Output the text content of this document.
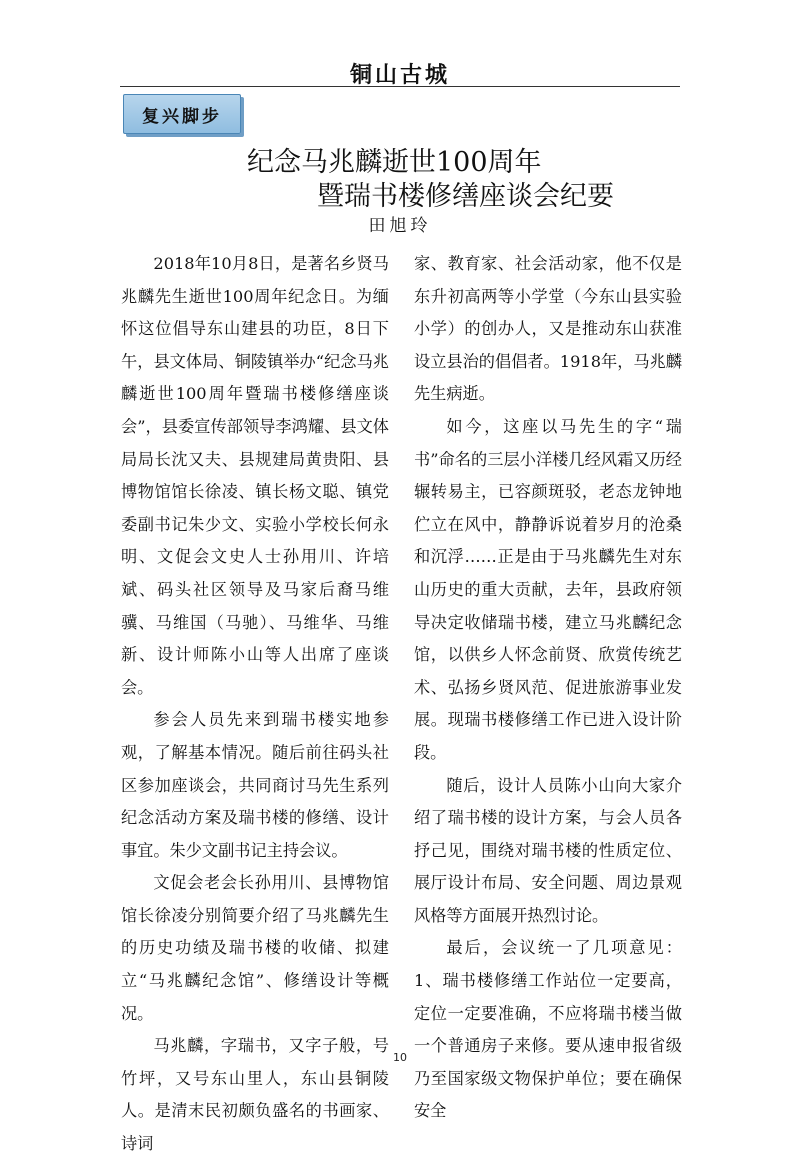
铜山古城
复兴脚步
纪念马兆麟逝世100周年
暨瑞书楼修缮座谈会纪要
田旭玲

2018年10月8日，是著名乡贤马兆麟先生逝世100周年纪念日。为缅怀这位倡导东山建县的功臣，8日下午，县文体局、铜陵镇举办“纪念马兆麟逝世100周年暨瑞书楼修缮座谈会”，县委宣传部领导李鸿耀、县文体局局长沈又夫、县规建局黄贵阳、县博物馆馆长徐凌、镇长杨文聪、镇党委副书记朱少文、实验小学校长何永明、文促会文史人士孙用川、许培斌、码头社区领导及马家后裔马维骥、马维国（马驰）、马维华、马维新、设计师陈小山等人出席了座谈会。

参会人员先来到瑞书楼实地参观，了解基本情况。随后前往码头社区参加座谈会，共同商讨马先生系列纪念活动方案及瑞书楼的修缮、设计事宜。朱少文副书记主持会议。

文促会老会长孙用川、县博物馆馆长徐凌分别简要介绍了马兆麟先生的历史功绩及瑞书楼的收储、拟建立“马兆麟纪念馆”、修缮设计等概况。

马兆麟，字瑞书，又字子般，号竹坪，又号东山里人，东山县铜陵人。是清末民初颇负盛名的书画家、诗词

家、教育家、社会活动家，他不仅是东升初高两等小学堂（今东山县实验小学）的创办人，又是推动东山获准设立县治的倡倡者。1918年，马兆麟先生病逝。

如今，这座以马先生的字“瑞书”命名的三层小洋楼几经风霜又历经辗转易主，已容颜斑驳，老态龙钟地伫立在风中，静静诉说着岁月的沧桑和沉浮……正是由于马兆麟先生对东山历史的重大贡献，去年，县政府领导决定收储瑞书楼，建立马兆麟纪念馆，以供乡人怀念前贤、欣赏传统艺术、弘扬乡贤风范、促进旅游事业发展。现瑞书楼修缮工作已进入设计阶段。

随后，设计人员陈小山向大家介绍了瑞书楼的设计方案，与会人员各抒己见，围绕对瑞书楼的性质定位、展厅设计布局、安全问题、周边景观风格等方面展开热烈讨论。

最后，会议统一了几项意见：1、瑞书楼修缮工作站位一定要高，定位一定要准确，不应将瑞书楼当做一个普通房子来修。要从速申报省级乃至国家级文物保护单位；要在确保安全

10
